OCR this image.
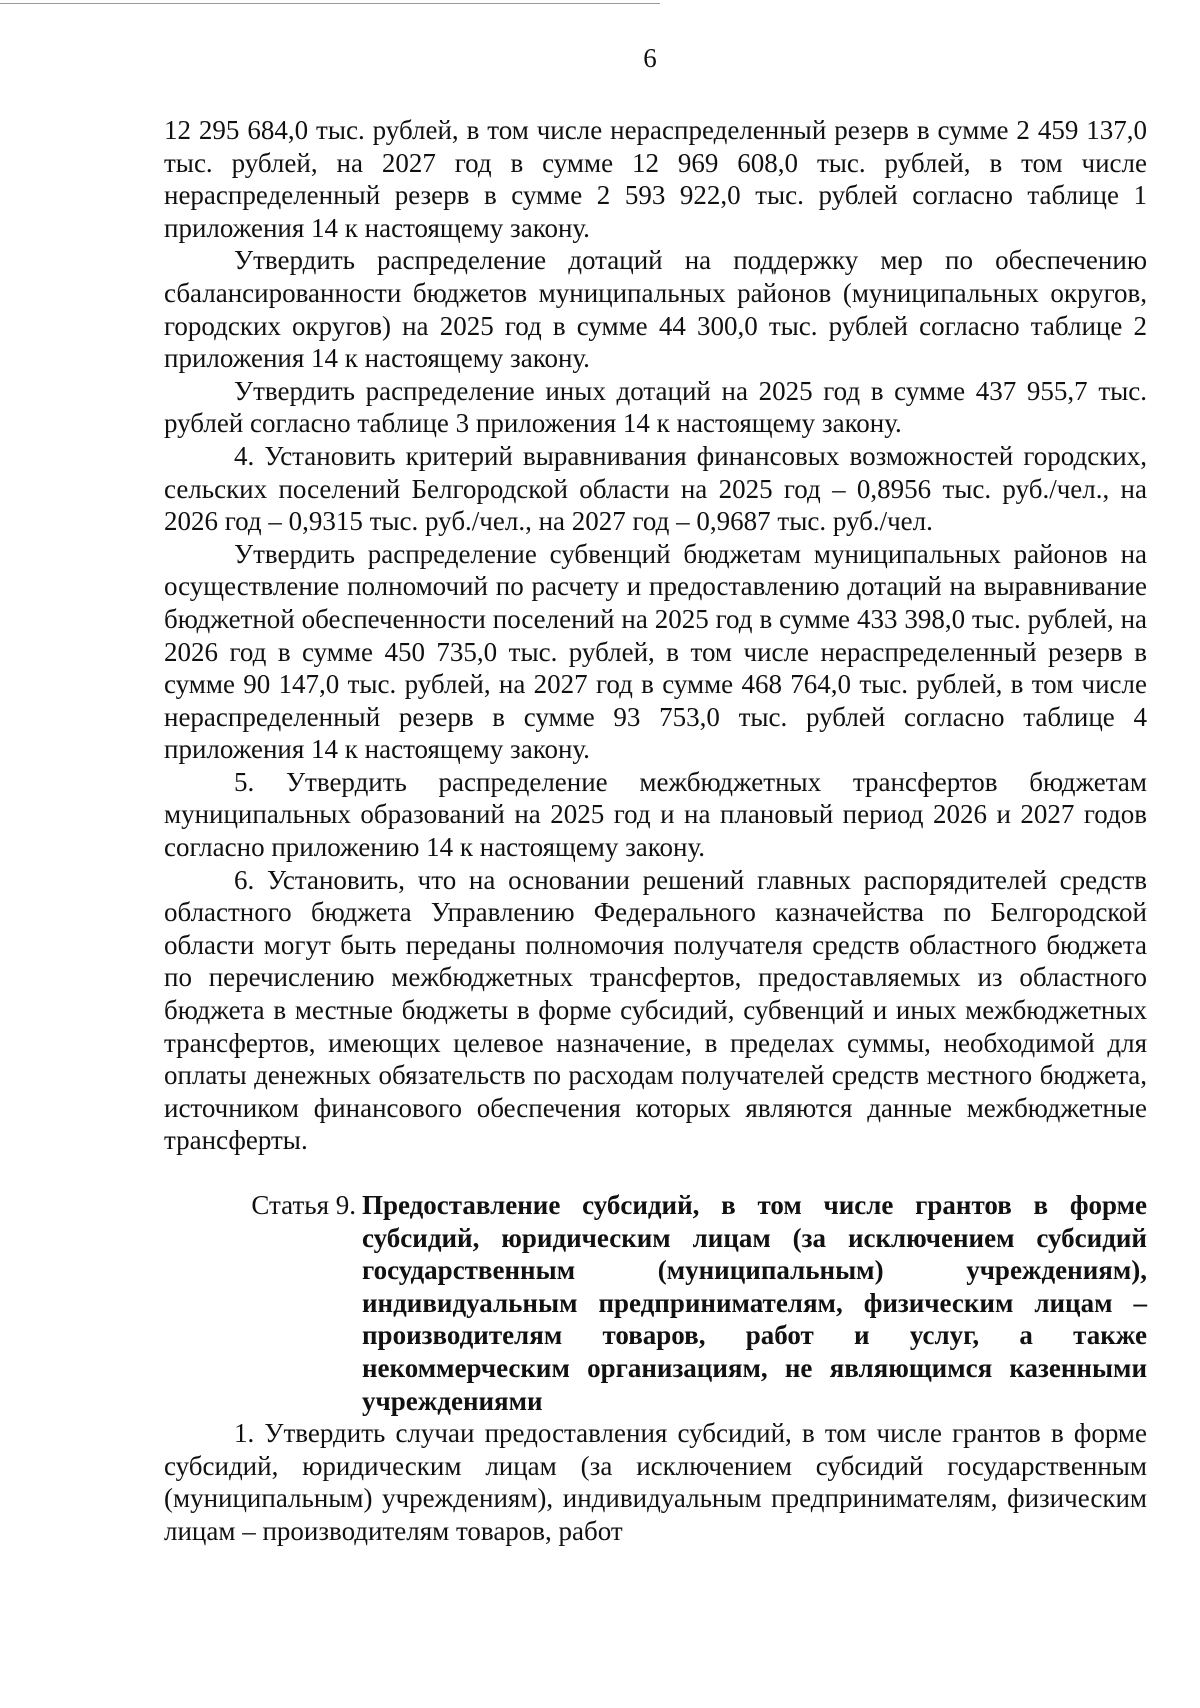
6

12 295 684,0 тыс. рублей, в том числе нераспределенный резерв в сумме 2 459 137,0 тыс. рублей, на 2027 год в сумме 12 969 608,0 тыс. рублей, в том числе нераспределенный резерв в сумме 2 593 922,0 тыс. рублей согласно таблице 1 приложения 14 к настоящему закону.

Утвердить распределение дотаций на поддержку мер по обеспечению сбалансированности бюджетов муниципальных районов (муниципальных округов, городских округов) на 2025 год в сумме 44 300,0 тыс. рублей согласно таблице 2 приложения 14 к настоящему закону.

Утвердить распределение иных дотаций на 2025 год в сумме 437 955,7 тыс. рублей согласно таблице 3 приложения 14 к настоящему закону.

4. Установить критерий выравнивания финансовых возможностей городских, сельских поселений Белгородской области на 2025 год – 0,8956 тыс. руб./чел., на 2026 год – 0,9315 тыс. руб./чел., на 2027 год – 0,9687 тыс. руб./чел.

Утвердить распределение субвенций бюджетам муниципальных районов на осуществление полномочий по расчету и предоставлению дотаций на выравнивание бюджетной обеспеченности поселений на 2025 год в сумме 433 398,0 тыс. рублей, на 2026 год в сумме 450 735,0 тыс. рублей, в том числе нераспределенный резерв в сумме 90 147,0 тыс. рублей, на 2027 год в сумме 468 764,0 тыс. рублей, в том числе нераспределенный резерв в сумме 93 753,0 тыс. рублей согласно таблице 4 приложения 14 к настоящему закону.

5. Утвердить распределение межбюджетных трансфертов бюджетам муниципальных образований на 2025 год и на плановый период 2026 и 2027 годов согласно приложению 14 к настоящему закону.

6. Установить, что на основании решений главных распорядителей средств областного бюджета Управлению Федерального казначейства по Белгородской области могут быть переданы полномочия получателя средств областного бюджета по перечислению межбюджетных трансфертов, предоставляемых из областного бюджета в местные бюджеты в форме субсидий, субвенций и иных межбюджетных трансфертов, имеющих целевое назначение, в пределах суммы, необходимой для оплаты денежных обязательств по расходам получателей средств местного бюджета, источником финансового обеспечения которых являются данные межбюджетные трансферты.

Статья 9. Предоставление субсидий, в том числе грантов в форме субсидий, юридическим лицам (за исключением субсидий государственным (муниципальным) учреждениям), индивидуальным предпринимателям, физическим лицам – производителям товаров, работ и услуг, а также некоммерческим организациям, не являющимся казенными учреждениями

1. Утвердить случаи предоставления субсидий, в том числе грантов в форме субсидий, юридическим лицам (за исключением субсидий государственным (муниципальным) учреждениям), индивидуальным предпринимателям, физическим лицам – производителям товаров, работ
